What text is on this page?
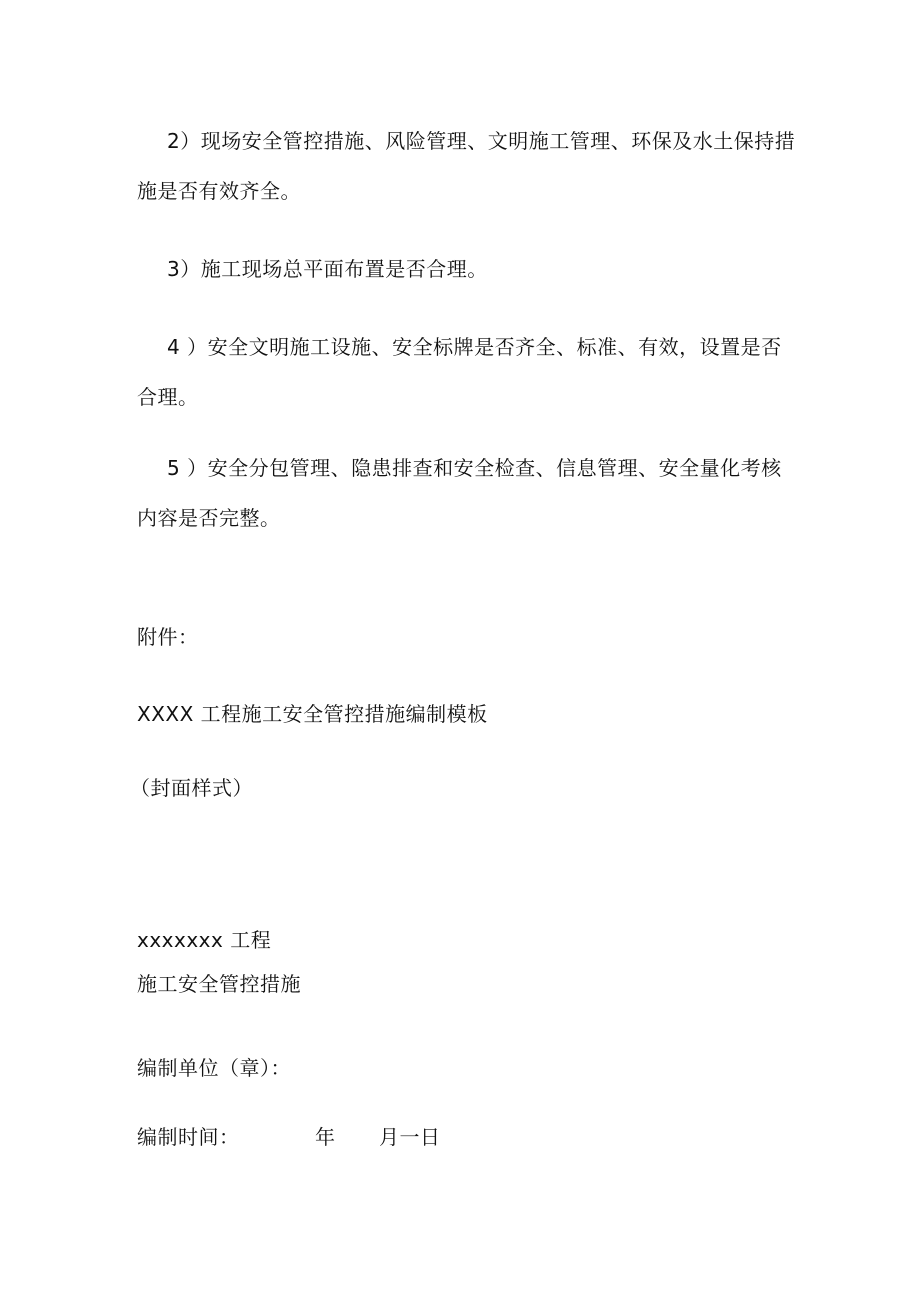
2）现场安全管控措施、风险管理、文明施工管理、环保及水土保持措
施是否有效齐全。
3）施工现场总平面布置是否合理。
4 ）安全文明施工设施、安全标牌是否齐全、标准、有效，设置是否
合理。
5 ）安全分包管理、隐患排查和安全检查、信息管理、安全量化考核
内容是否完整。
附件：
XXXX 工程施工安全管控措施编制模板
（封面样式）
xxxxxxx 工程
施工安全管控措施
编制单位（章）：
编制时间：	年 月一日
